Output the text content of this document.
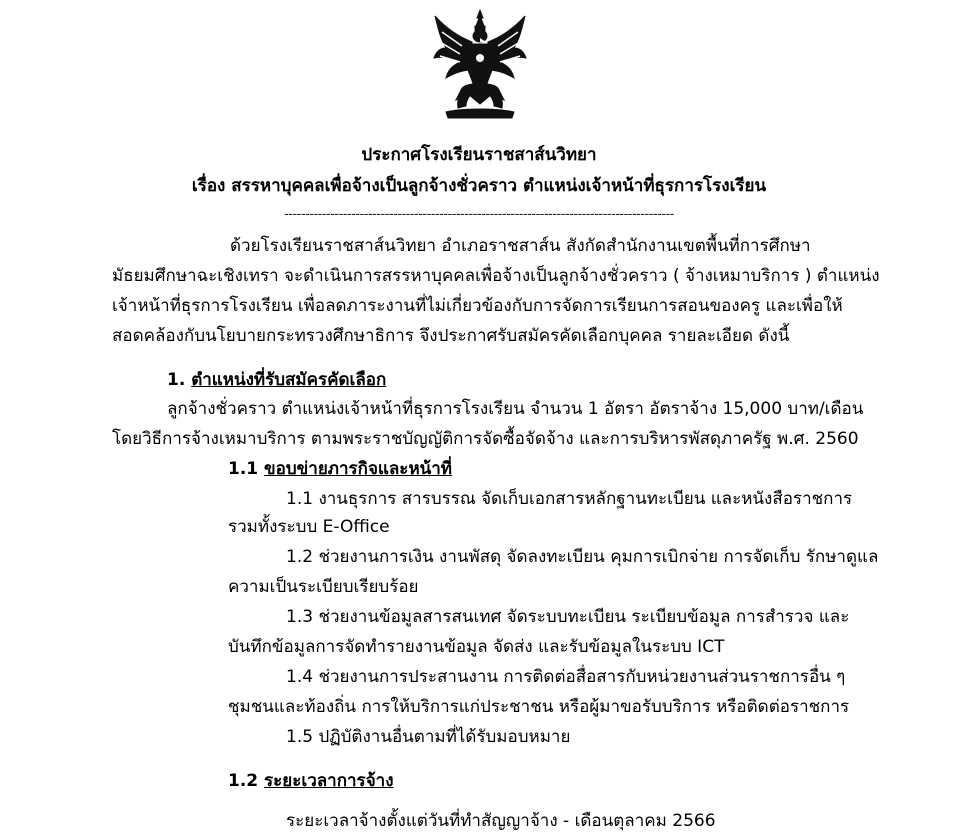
ประกาศโรงเรียนราชสาส์นวิทยา
เรื่อง สรรหาบุคคลเพื่อจ้างเป็นลูกจ้างชั่วคราว ตำแหน่งเจ้าหน้าที่ธุรการโรงเรียน
---------------------------------------------------------------------------------------------
ด้วยโรงเรียนราชสาส์นวิทยา อำเภอราชสาส์น สังกัดสำนักงานเขตพื้นที่การศึกษา
มัธยมศึกษาฉะเชิงเทรา จะดำเนินการสรรหาบุคคลเพื่อจ้างเป็นลูกจ้างชั่วคราว ( จ้างเหมาบริการ ) ตำแหน่ง
เจ้าหน้าที่ธุรการโรงเรียน เพื่อลดภาระงานที่ไม่เกี่ยวข้องกับการจัดการเรียนการสอนของครู และเพื่อให้
สอดคล้องกับนโยบายกระทรวงศึกษาธิการ จึงประกาศรับสมัครคัดเลือกบุคคล รายละเอียด ดังนี้
1. ตำแหน่งที่รับสมัครคัดเลือก
ลูกจ้างชั่วคราว ตำแหน่งเจ้าหน้าที่ธุรการโรงเรียน จำนวน 1 อัตรา อัตราจ้าง 15,000 บาท/เดือน
โดยวิธีการจ้างเหมาบริการ ตามพระราชบัญญัติการจัดซื้อจัดจ้าง และการบริหารพัสดุภาครัฐ พ.ศ. 2560
1.1 ขอบข่ายภารกิจและหน้าที่
1.1 งานธุรการ สารบรรณ จัดเก็บเอกสารหลักฐานทะเบียน และหนังสือราชการ
รวมทั้งระบบ E-Office
1.2 ช่วยงานการเงิน งานพัสดุ จัดลงทะเบียน คุมการเบิกจ่าย การจัดเก็บ รักษาดูแล
ความเป็นระเบียบเรียบร้อย
1.3 ช่วยงานข้อมูลสารสนเทศ จัดระบบทะเบียน ระเบียบข้อมูล การสำรวจ และ
บันทึกข้อมูลการจัดทำรายงานข้อมูล จัดส่ง และรับข้อมูลในระบบ ICT
1.4 ช่วยงานการประสานงาน การติดต่อสื่อสารกับหน่วยงานส่วนราชการอื่น ๆ
ชุมชนและท้องถิ่น การให้บริการแก่ประชาชน หรือผู้มาขอรับบริการ หรือติดต่อราชการ
1.5 ปฏิบัติงานอื่นตามที่ได้รับมอบหมาย
1.2 ระยะเวลาการจ้าง
ระยะเวลาจ้างตั้งแต่วันที่ทำสัญญาจ้าง - เดือนตุลาคม 2566
